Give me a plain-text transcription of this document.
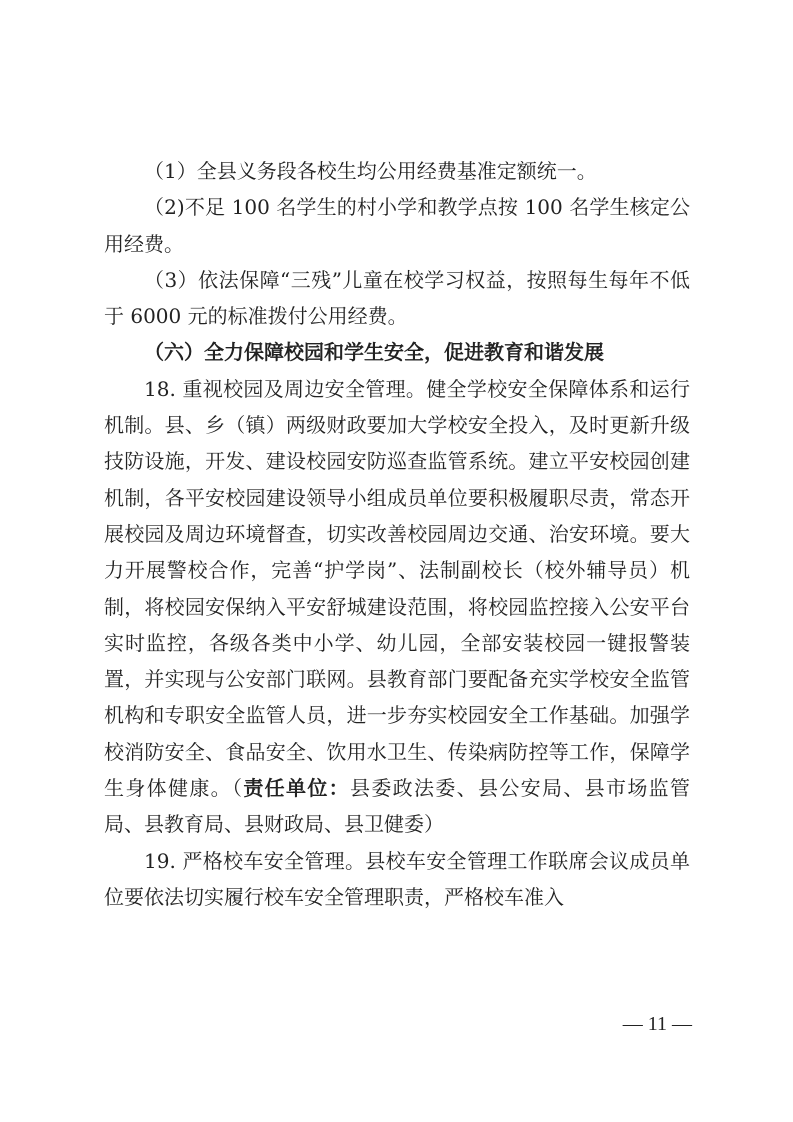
（1）全县义务段各校生均公用经费基准定额统一。

（2)不足 100 名学生的村小学和教学点按 100 名学生核定公用经费。

（3）依法保障“三残”儿童在校学习权益，按照每生每年不低于 6000 元的标准拨付公用经费。

（六）全力保障校园和学生安全，促进教育和谐发展

18. 重视校园及周边安全管理。健全学校安全保障体系和运行机制。县、乡（镇）两级财政要加大学校安全投入，及时更新升级技防设施，开发、建设校园安防巡查监管系统。建立平安校园创建机制，各平安校园建设领导小组成员单位要积极履职尽责，常态开展校园及周边环境督查，切实改善校园周边交通、治安环境。要大力开展警校合作，完善“护学岗”、法制副校长（校外辅导员）机制，将校园安保纳入平安舒城建设范围，将校园监控接入公安平台实时监控，各级各类中小学、幼儿园，全部安装校园一键报警装置，并实现与公安部门联网。县教育部门要配备充实学校安全监管机构和专职安全监管人员，进一步夯实校园安全工作基础。加强学校消防安全、食品安全、饮用水卫生、传染病防控等工作，保障学生身体健康。（责任单位：县委政法委、县公安局、县市场监管局、县教育局、县财政局、县卫健委）

19. 严格校车安全管理。县校车安全管理工作联席会议成员单位要依法切实履行校车安全管理职责，严格校车准入

— 11 —
